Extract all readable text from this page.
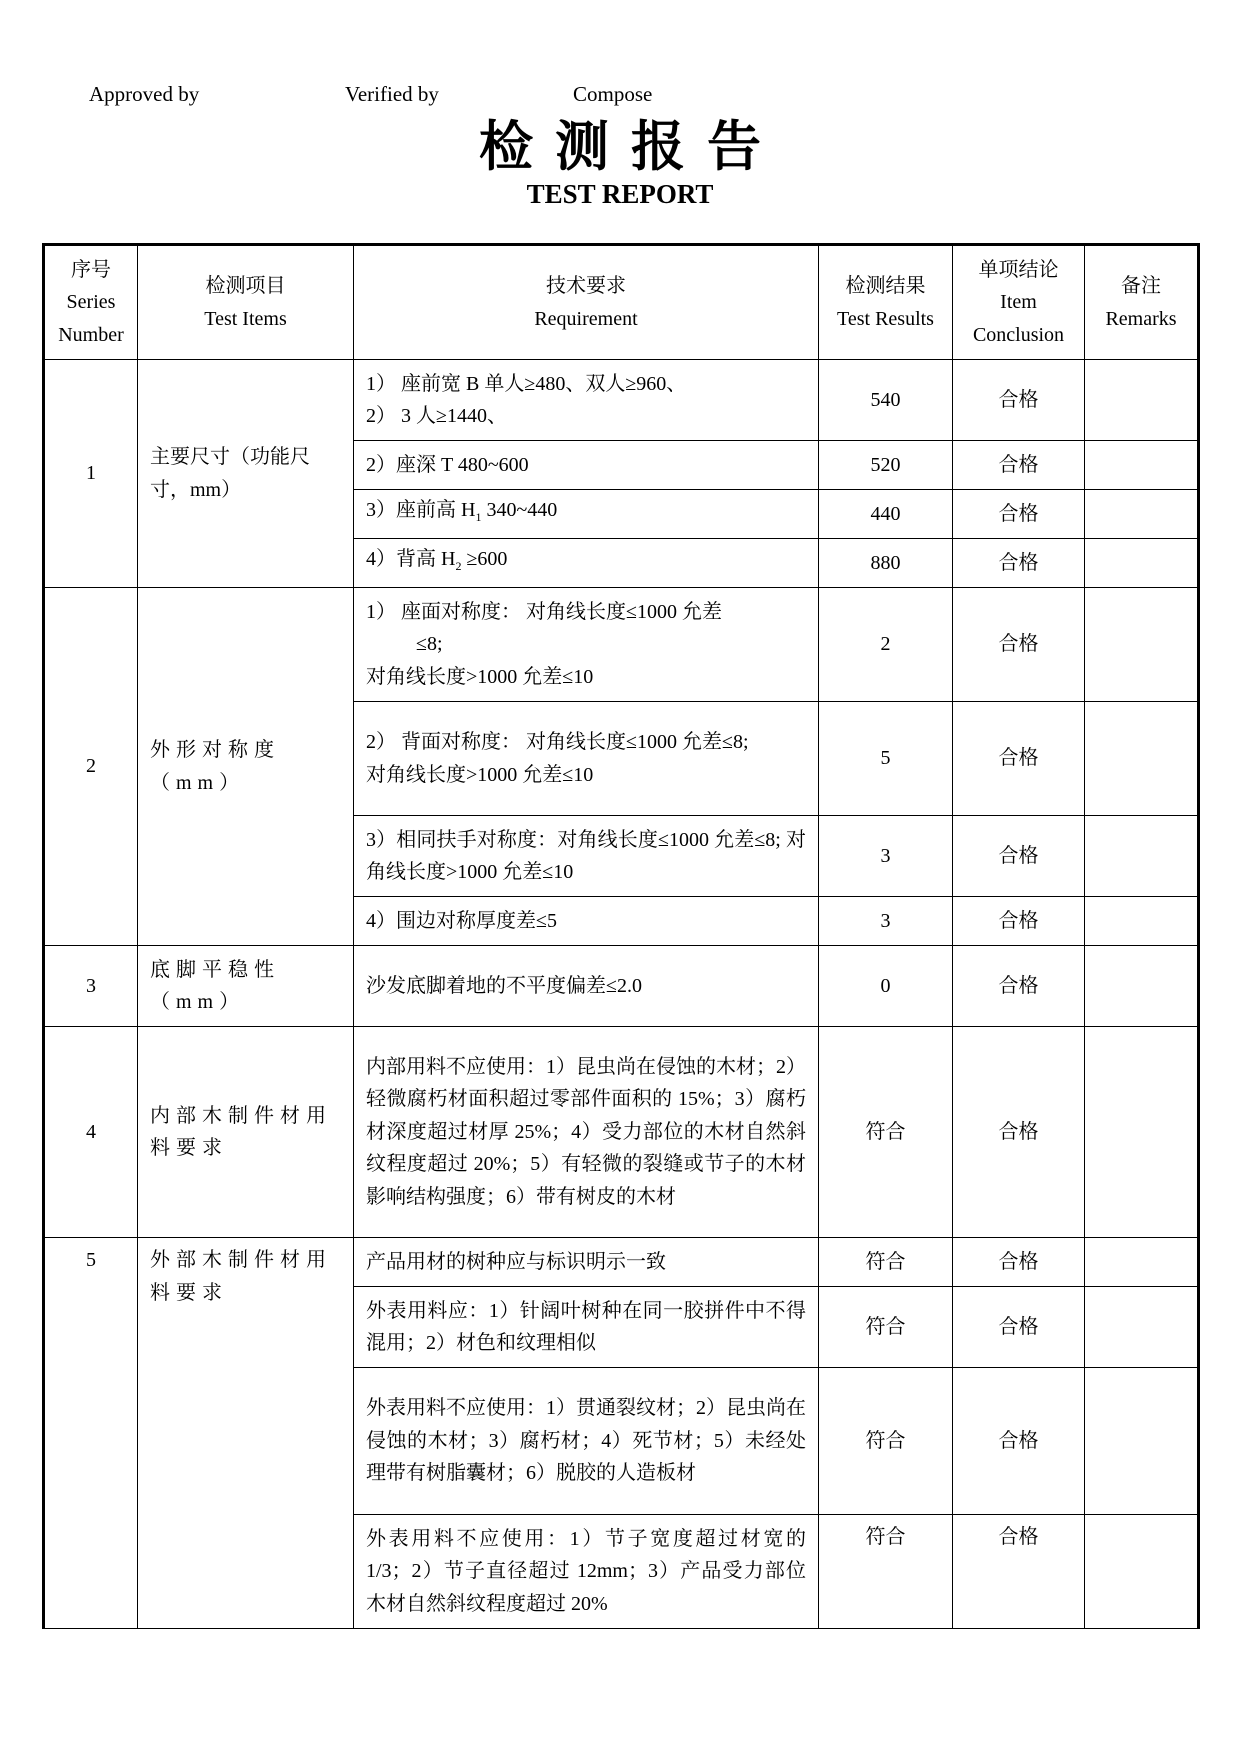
Approved by	Verified by	Compose
检测报告
TEST REPORT
序号
Series
Number	检测项目
Test Items	技术要求
Requirement	检测结果
Test Results	单项结论
Item
Conclusion	备注
Remarks

1	主要尺寸（功能尺寸，mm）	1） 座前宽 B 单人≥480、双人≥960、
2） 3 人≥1440、	540	合格	
		2）座深 T 480~600	520	合格	
		3）座前高 $H_1$ 340~440	440	合格	
		4）背高 $H_2 \ge 600$	880	合格	
2	外形对称度（mm）	1） 座面对称度： 对角线长度≤1000 允差
≤8;
对角线长度>1000 允差≤10	2	合格	

		2） 背面对称度： 对角线长度≤1000 允差≤8;
对角线长度>1000 允差≤10	5	合格	
		3）相同扶手对称度：对角线长度≤1000 允差≤8; 对角线长度>1000 允差≤10	3	合格	
		4）围边对称厚度差≤5	3	合格	
3	底脚平稳性（mm）	沙发底脚着地的不平度偏差≤2.0	0	合格	
4	内部木制件材用料要求	内部用料不应使用：1）昆虫尚在侵蚀的木材；2）轻微腐朽材面积超过零部件面积的 15%；3）腐朽材深度超过材厚 25%；4）受力部位的木材自然斜纹程度超过 20%；5）有轻微的裂缝或节子的木材影响结构强度；6）带有树皮的木材	符合	合格	
5	外部木制件材用料要求	产品用材的树种应与标识明示一致	符合	合格	
		外表用料应：1）针阔叶树种在同一胶拼件中不得混用；2）材色和纹理相似	符合	合格	
		外表用料不应使用：1）贯通裂纹材；2）昆虫尚在侵蚀的木材；3）腐朽材；4）死节材；5）未经处理带有树脂囊材；6）脱胶的人造板材	符合	合格	
		外表用料不应使用：1）节子宽度超过材宽的 1/3；2）节子直径超过 12mm；3）产品受力部位木材自然斜纹程度超过 20%	符合	合格	
